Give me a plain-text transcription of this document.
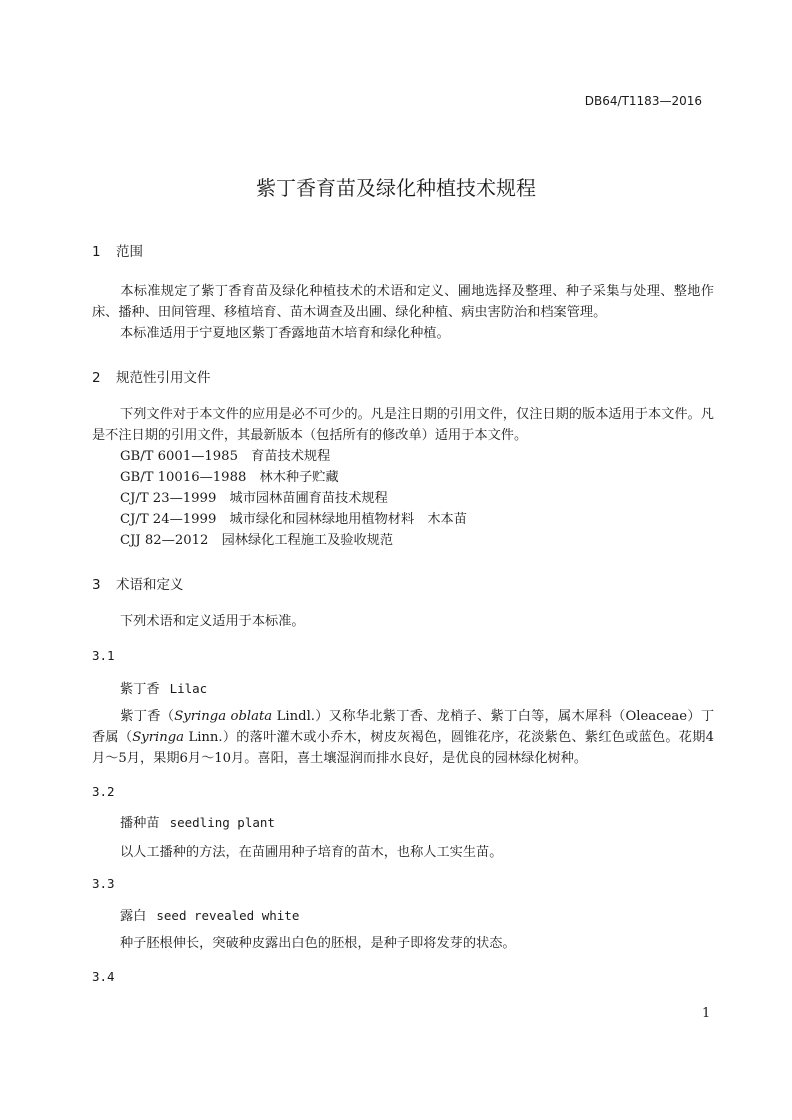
DB64/T1183—2016
紫丁香育苗及绿化种植技术规程
1 范围
本标准规定了紫丁香育苗及绿化种植技术的术语和定义、圃地选择及整理、种子采集与处理、整地作床、播种、田间管理、移植培育、苗木调查及出圃、绿化种植、病虫害防治和档案管理。
本标准适用于宁夏地区紫丁香露地苗木培育和绿化种植。
2 规范性引用文件
下列文件对于本文件的应用是必不可少的。凡是注日期的引用文件，仅注日期的版本适用于本文件。凡是不注日期的引用文件，其最新版本（包括所有的修改单）适用于本文件。
GB/T 6001—1985　 育苗技术规程
GB/T 10016—1988　 林木种子贮藏
CJ/T 23—1999　 城市园林苗圃育苗技术规程
CJ/T 24—1999　 城市绿化和园林绿地用植物材料　木本苗
CJJ 82—2012　 园林绿化工程施工及验收规范
3 术语和定义
下列术语和定义适用于本标准。
3.1
紫丁香 Lilac
紫丁香（Syringa oblata Lindl.）又称华北紫丁香、龙梢子、紫丁白等，属木犀科（Oleaceae）丁香属（Syringa Linn.）的落叶灌木或小乔木，树皮灰褐色，圆锥花序，花淡紫色、紫红色或蓝色。花期4月～5月，果期6月～10月。喜阳，喜土壤湿润而排水良好，是优良的园林绿化树种。
3.2
播种苗 seedling plant
以人工播种的方法，在苗圃用种子培育的苗木，也称人工实生苗。
3.3
露白 seed revealed white
种子胚根伸长，突破种皮露出白色的胚根，是种子即将发芽的状态。
3.4
1
